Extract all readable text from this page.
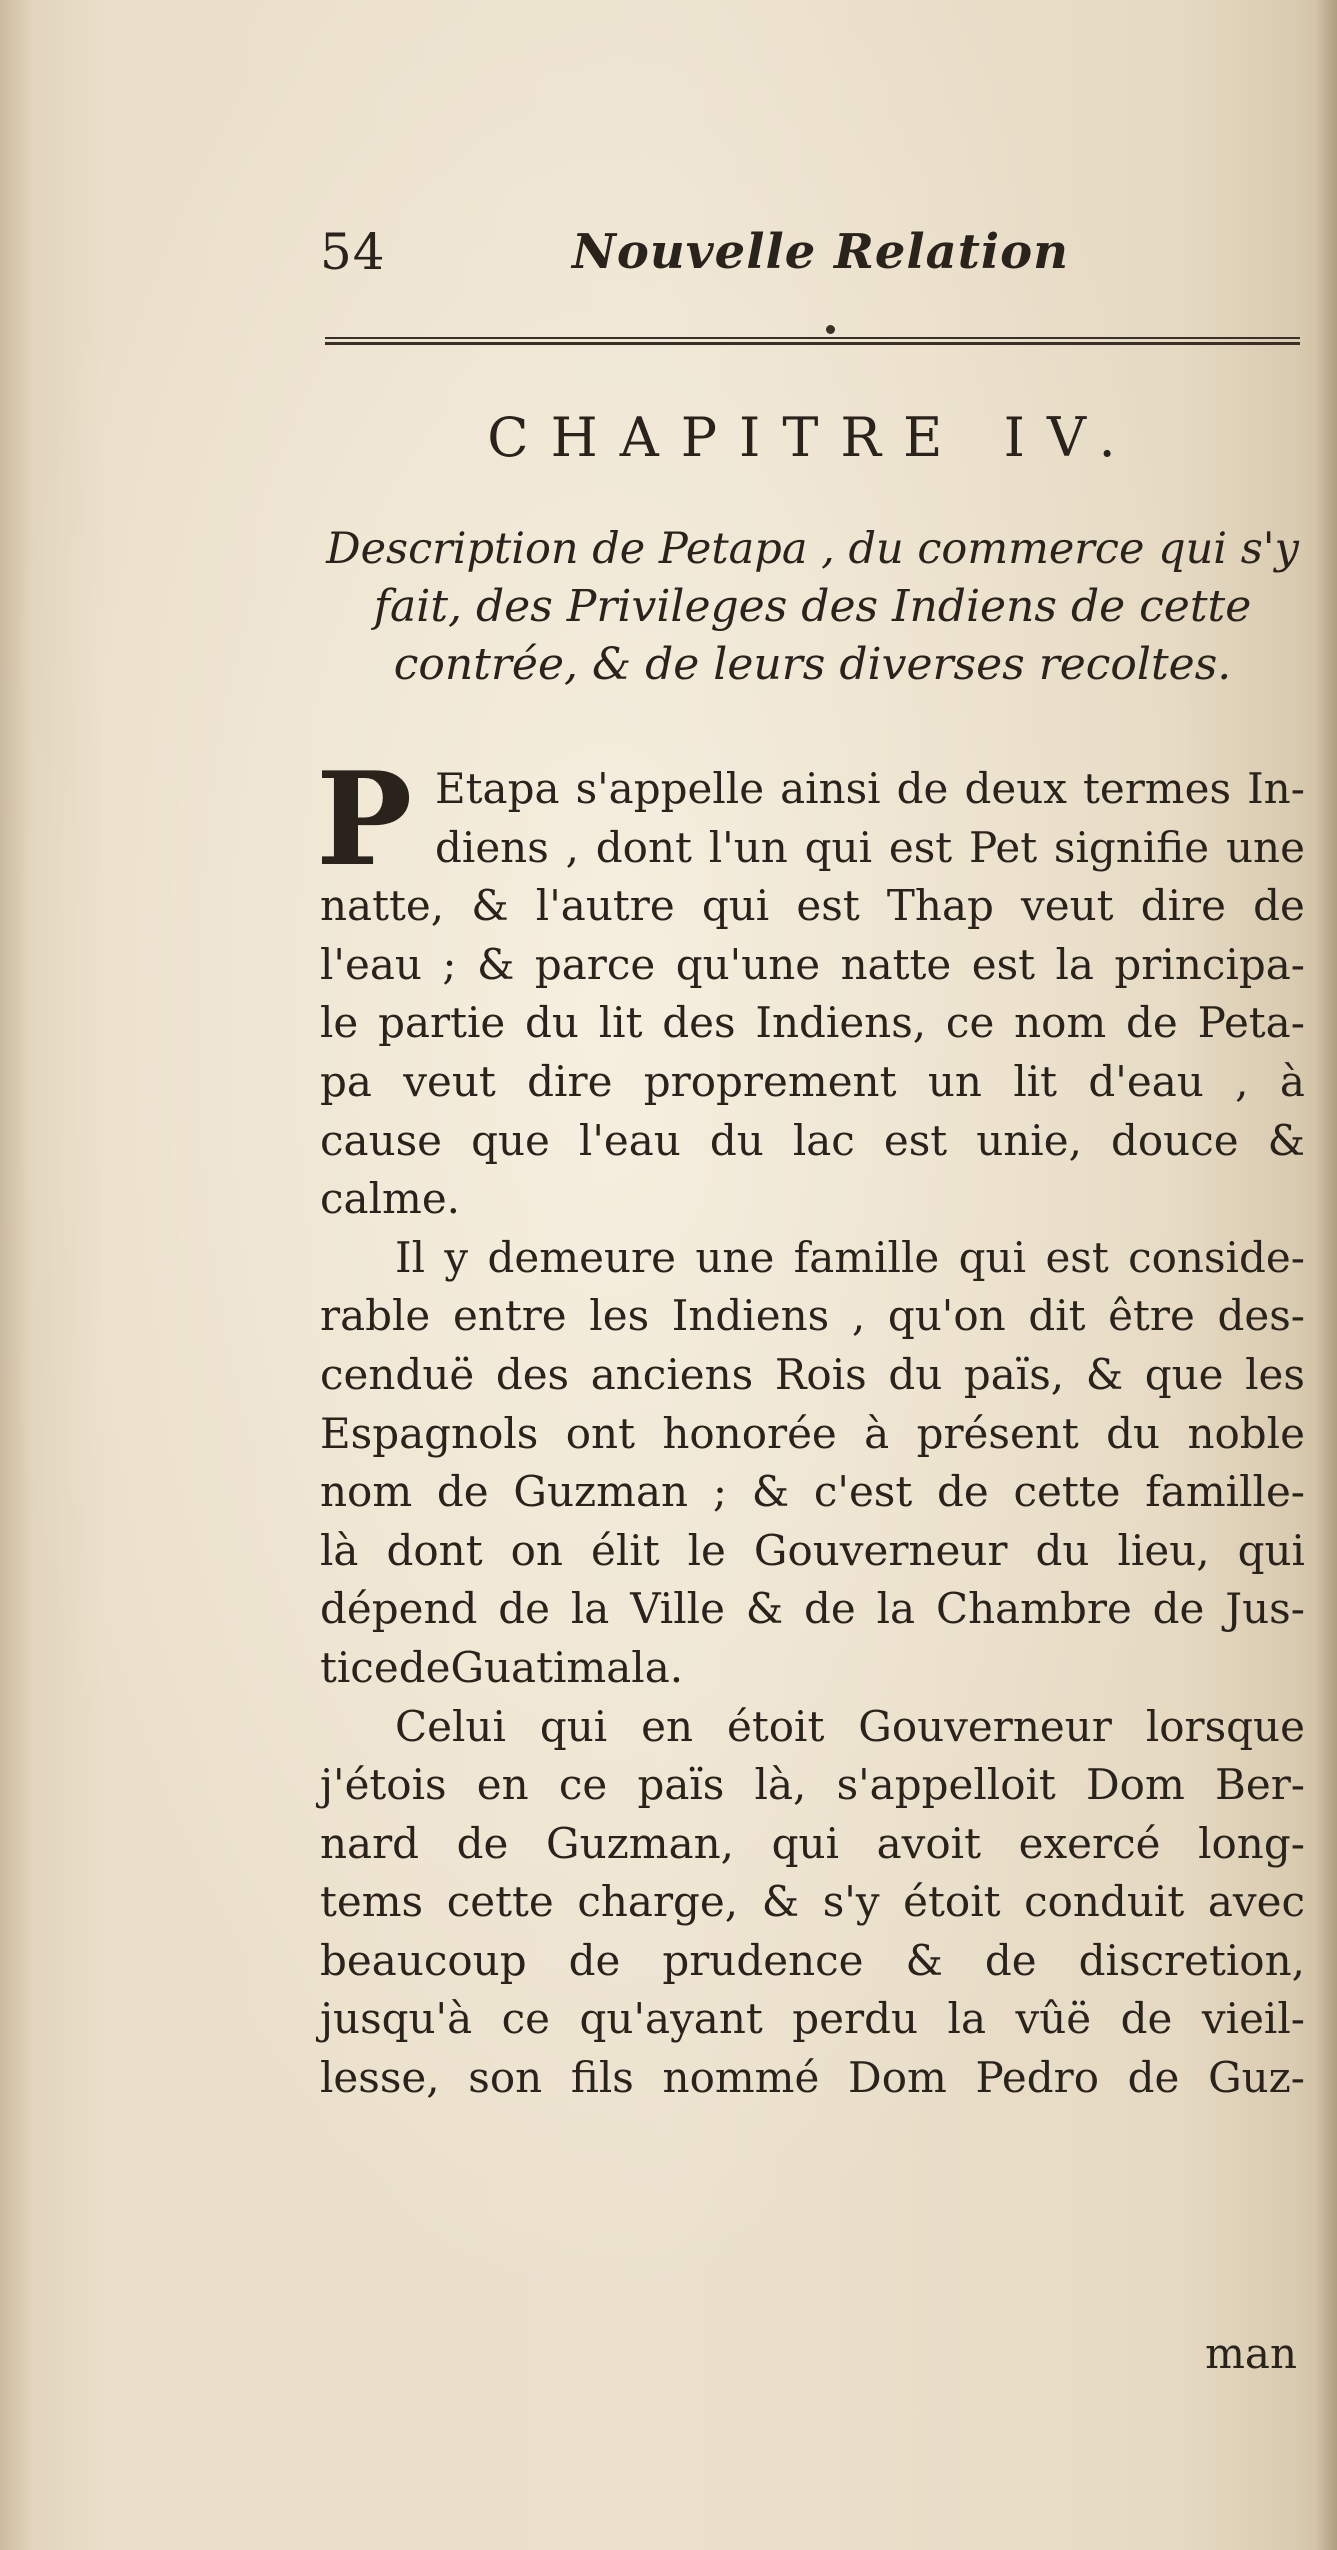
54	Nouvelle Relation
CHAPITRE IV.
Description de Petapa , du commerce qui s'y
fait, des Privileges des Indiens de cette
contrée, & de leurs diverses recoltes.
P Etapa s'appelle ainsi de deux termes In-
diens , dont l'un qui est Pet signifie une
natte, & l'autre qui est Thap veut dire de
l'eau ; & parce qu'une natte est la principa-
le partie du lit des Indiens, ce nom de Peta-
pa veut dire proprement un lit d'eau , à
cause que l'eau du lac est unie, douce &
calme.
Il y demeure une famille qui est conside-
rable entre les Indiens , qu'on dit être des-
cenduë des anciens Rois du païs, & que les
Espagnols ont honorée à présent du noble
nom de Guzman ; & c'est de cette famille-
là dont on élit le Gouverneur du lieu, qui
dépend de la Ville & de la Chambre de Jus-
tice de Guatimala.
Celui qui en étoit Gouverneur lorsque
j'étois en ce païs là, s'appelloit Dom Ber-
nard de Guzman, qui avoit exercé long-
tems cette charge, & s'y étoit conduit avec
beaucoup de prudence & de discretion,
jusqu'à ce qu'ayant perdu la vûë de vieil-
lesse, son fils nommé Dom Pedro de Guz-
man
